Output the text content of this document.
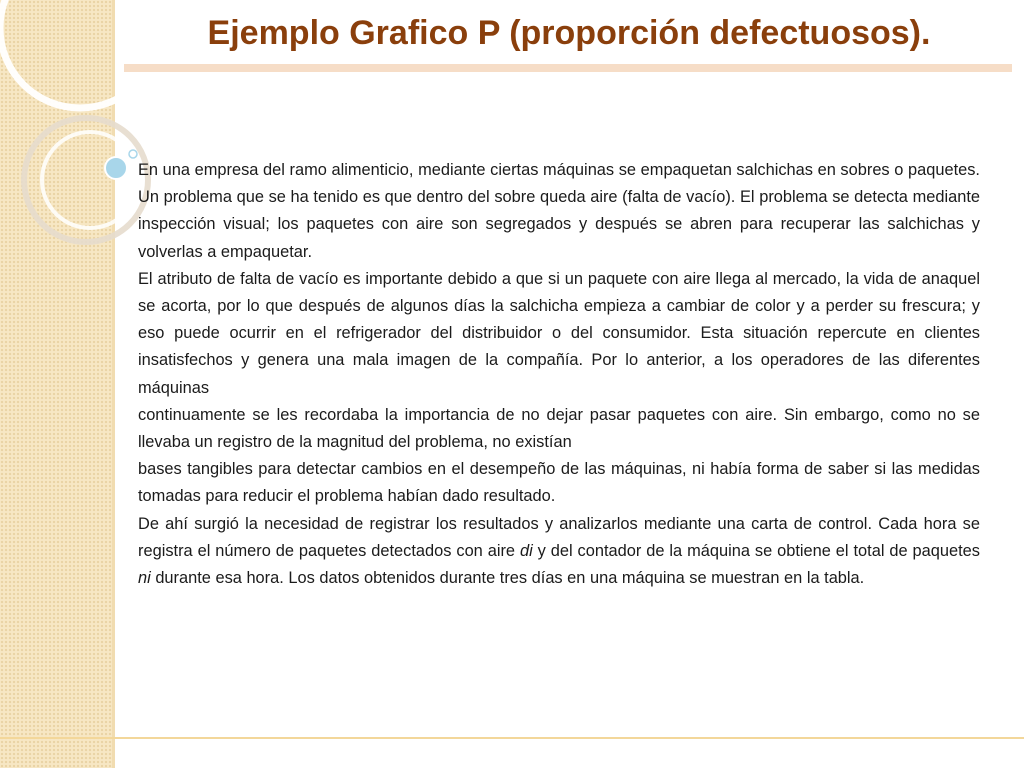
Ejemplo Grafico P (proporción defectuosos).

En una empresa del ramo alimenticio, mediante ciertas máquinas se empaquetan salchichas en sobres o paquetes. Un problema que se ha tenido es que dentro del sobre queda aire (falta de vacío). El problema se detecta mediante inspección visual; los paquetes con aire son segregados y después se abren para recuperar las salchichas y volverlas a empaquetar.

El atributo de falta de vacío es importante debido a que si un paquete con aire llega al mercado, la vida de anaquel se acorta, por lo que después de algunos días la salchicha empieza a cambiar de color y a perder su frescura; y eso puede ocurrir en el refrigerador del distribuidor o del consumidor. Esta situación repercute en clientes insatisfechos y genera una mala imagen de la compañía. Por lo anterior, a los operadores de las diferentes máquinas

continuamente se les recordaba la importancia de no dejar pasar paquetes con aire. Sin embargo, como no se llevaba un registro de la magnitud del problema, no existían

bases tangibles para detectar cambios en el desempeño de las máquinas, ni había forma de saber si las medidas tomadas para reducir el problema habían dado resultado.

De ahí surgió la necesidad de registrar los resultados y analizarlos mediante una carta de control. Cada hora se registra el número de paquetes detectados con aire di y del contador de la máquina se obtiene el total de paquetes ni durante esa hora. Los datos obtenidos durante tres días en una máquina se muestran en la tabla.
